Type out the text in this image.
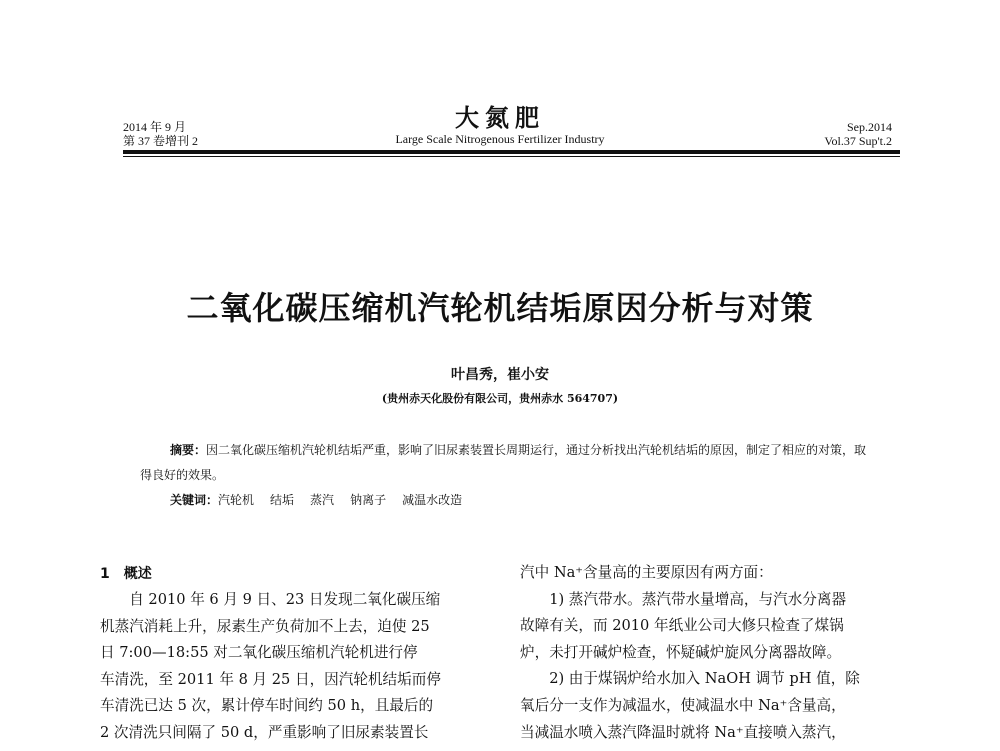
2014 年 9 月
第 37 卷增刊 2
大氮肥
Large Scale Nitrogenous Fertilizer Industry
Sep.2014
Vol.37 Sup't.2
二氧化碳压缩机汽轮机结垢原因分析与对策
叶昌秀，崔小安
(贵州赤天化股份有限公司，贵州赤水 564707)
摘要：因二氧化碳压缩机汽轮机结垢严重，影响了旧尿素装置长周期运行，通过分析找出汽轮机结垢的原因，制定了相应的对策，取得良好的效果。
关键词：汽轮机 结垢 蒸汽 钠离子 减温水改造
1 概述

自 2010 年 6 月 9 日、23 日发现二氧化碳压缩

机蒸汽消耗上升，尿素生产负荷加不上去，迫使 25

日 7:00—18:55 对二氧化碳压缩机汽轮机进行停

车清洗，至 2011 年 8 月 25 日，因汽轮机结垢而停

车清洗已达 5 次，累计停车时间约 50 h，且最后的

2 次清洗只间隔了 50 d，严重影响了旧尿素装置长

汽中 Na⁺含量高的主要原因有两方面：

1) 蒸汽带水。蒸汽带水量增高，与汽水分离器

故障有关，而 2010 年纸业公司大修只检查了煤锅

炉，未打开碱炉检查，怀疑碱炉旋风分离器故障。

2) 由于煤锅炉给水加入 NaOH 调节 pH 值，除

氧后分一支作为减温水，使减温水中 Na⁺含量高，

当减温水喷入蒸汽降温时就将 Na⁺直接喷入蒸汽，
